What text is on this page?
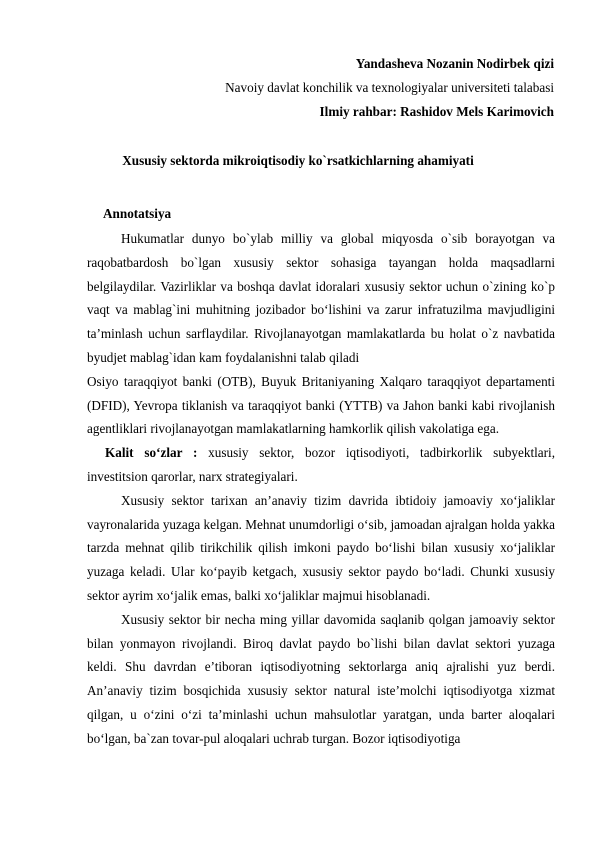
Yandasheva Nozanin Nodirbek qizi
Navoiy davlat konchilik va texnologiyalar universiteti talabasi
Ilmiy rahbar: Rashidov Mels Karimovich
Xususiy sektorda mikroiqtisodiy ko`rsatkichlarning ahamiyati
Annotatsiya

Hukumatlar dunyo bo`ylab milliy va global miqyosda o`sib borayotgan va raqobatbardosh bo`lgan xususiy sektor sohasiga tayangan holda maqsadlarni belgilaydilar. Vazirliklar va boshqa davlat idoralari xususiy sektor uchun o`zining ko`p vaqt va mablag`ini muhitning jozibador bo‘lishini va zarur infratuzilma mavjudligini ta’minlash uchun sarflaydilar. Rivojlanayotgan mamlakatlarda bu holat o`z navbatida byudjet mablag`idan kam foydalanishni talab qiladi

Osiyo taraqqiyot banki (OTB), Buyuk Britaniyaning Xalqaro taraqqiyot departamenti (DFID), Yevropa tiklanish va taraqqiyot banki (YTTB) va Jahon banki kabi rivojlanish agentliklari rivojlanayotgan mamlakatlarning hamkorlik qilish vakolatiga ega.

Kalit so‘zlar : xususiy sektor, bozor iqtisodiyoti, tadbirkorlik subyektlari, investitsion qarorlar, narx strategiyalari.

Xususiy sektor tarixan an’anaviy tizim davrida ibtidoiy jamoaviy xo‘jaliklar vayronalarida yuzaga kelgan. Mehnat unumdorligi o‘sib, jamoadan ajralgan holda yakka tarzda mehnat qilib tirikchilik qilish imkoni paydo bo‘lishi bilan xususiy xo‘jaliklar yuzaga keladi. Ular ko‘payib ketgach, xususiy sektor paydo bo‘ladi. Chunki xususiy sektor ayrim xo‘jalik emas, balki xo‘jaliklar majmui hisoblanadi.

Xususiy sektor bir necha ming yillar davomida saqlanib qolgan jamoaviy sektor bilan yonmayon rivojlandi. Biroq davlat paydo bo`lishi bilan davlat sektori yuzaga keldi. Shu davrdan e’tiboran iqtisodiyotning sektorlarga aniq ajralishi yuz berdi. An’anaviy tizim bosqichida xususiy sektor natural iste’molchi iqtisodiyotga xizmat qilgan, u o‘zini o‘zi ta’minlashi uchun mahsulotlar yaratgan, unda barter aloqalari bo‘lgan, ba`zan tovar-pul aloqalari uchrab turgan. Bozor iqtisodiyotiga
